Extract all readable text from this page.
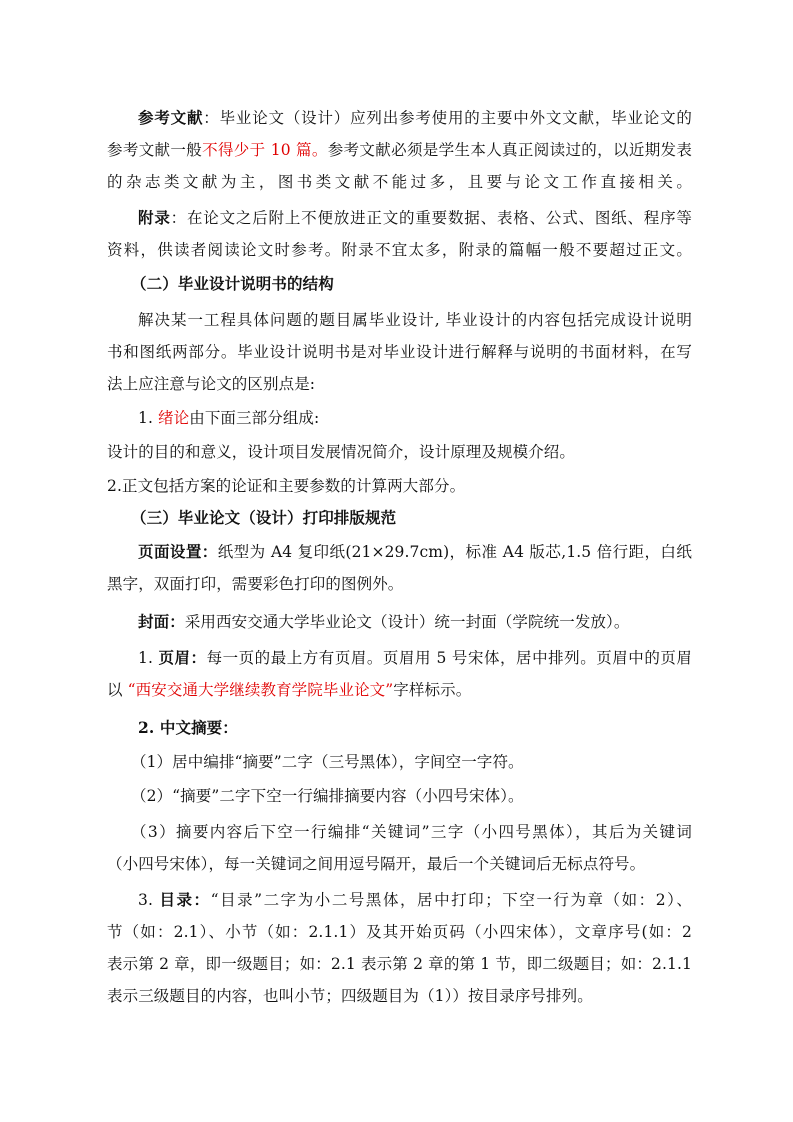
参考文献：毕业论文（设计）应列出参考使用的主要中外文文献，毕业论文的
参考文献一般不得少于 10 篇。参考文献必须是学生本人真正阅读过的，以近期发表
的杂志类文献为主，图书类文献不能过多，且要与论文工作直接相关。
附录：在论文之后附上不便放进正文的重要数据、表格、公式、图纸、程序等
资料，供读者阅读论文时参考。附录不宜太多，附录的篇幅一般不要超过正文。
（二）毕业设计说明书的结构
解决某一工程具体问题的题目属毕业设计, 毕业设计的内容包括完成设计说明
书和图纸两部分。毕业设计说明书是对毕业设计进行解释与说明的书面材料，在写
法上应注意与论文的区别点是:
1. 绪论由下面三部分组成:
设计的目的和意义，设计项目发展情况简介，设计原理及规模介绍。
2.正文包括方案的论证和主要参数的计算两大部分。
（三）毕业论文（设计）打印排版规范
页面设置：纸型为 A4 复印纸(21×29.7cm)，标准 A4 版芯,1.5 倍行距，白纸
黑字，双面打印，需要彩色打印的图例外。
封面：采用西安交通大学毕业论文（设计）统一封面（学院统一发放）。
1. 页眉：每一页的最上方有页眉。页眉用 5 号宋体，居中排列。页眉中的页眉
以 “西安交通大学继续教育学院毕业论文”字样标示。
2. 中文摘要：
（1）居中编排“摘要”二字（三号黑体），字间空一字符。
（2）“摘要”二字下空一行编排摘要内容（小四号宋体）。
（3）摘要内容后下空一行编排“关键词”三字（小四号黑体），其后为关键词
（小四号宋体），每一关键词之间用逗号隔开，最后一个关键词后无标点符号。
3. 目录：“目录”二字为小二号黑体，居中打印；下空一行为章（如：2）、
节（如：2.1）、小节（如：2.1.1）及其开始页码（小四宋体），文章序号(如：2
表示第 2 章，即一级题目；如：2.1 表示第 2 章的第 1 节，即二级题目；如：2.1.1
表示三级题目的内容，也叫小节；四级题目为（1））按目录序号排列。
